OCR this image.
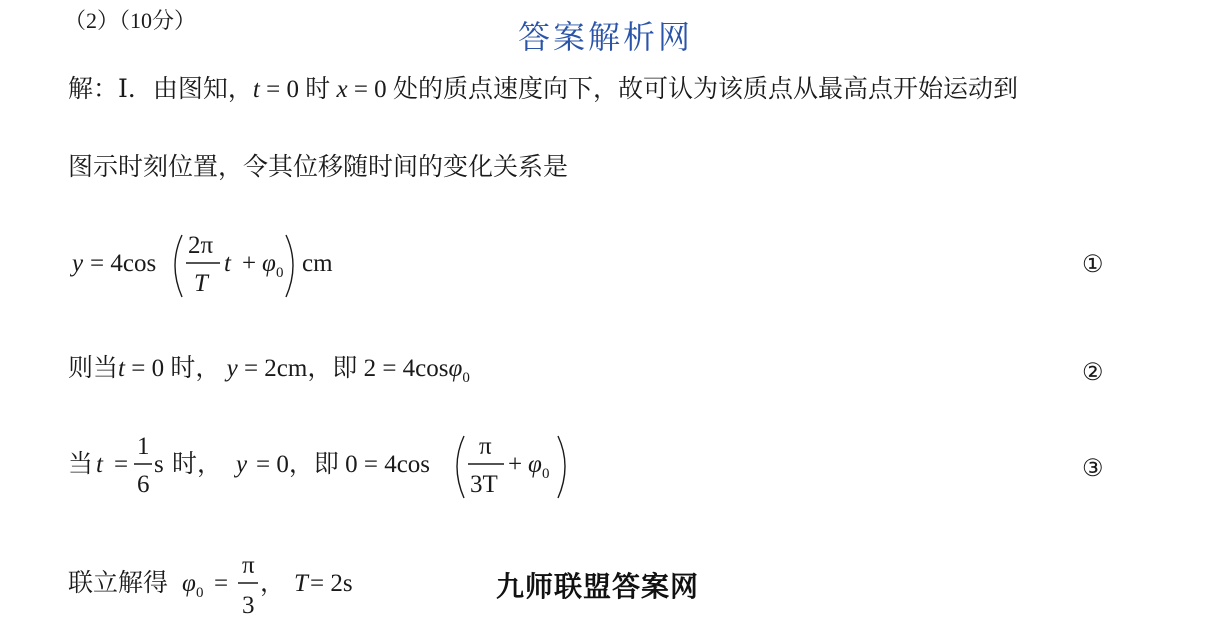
（2）（10分）	答案解析网
解：Ⅰ．由图知，t = 0 时 x = 0 处的质点速度向下，故可认为该质点从最高点开始运动到
图示时刻位置，令其位移随时间的变化关系是
y = 4cos
2π
T
t + φ 0 cm	①
则当t = 0 时， y = 2cm，即 2 = 4cosφ$_0$	②
当 t =
1
6
s 时， y = 0，即 0 = 4cos
π
3T
+ φ 0	③
联立解得 φ 0 =
π
3
， T = 2s	九师联盟答案网
